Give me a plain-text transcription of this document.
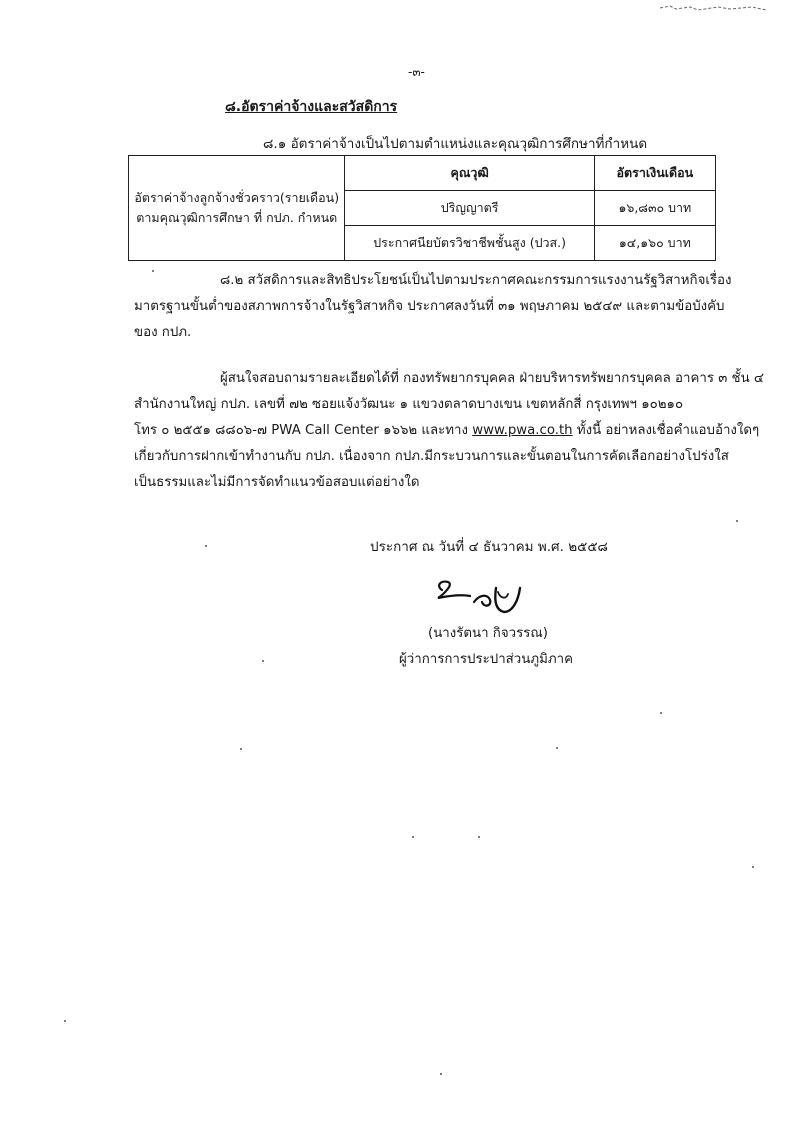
-๓-
๘.อัตราค่าจ้างและสวัสดิการ
๘.๑ อัตราค่าจ้างเป็นไปตามตำแหน่งและคุณวุฒิการศึกษาที่กำหนด
อัตราค่าจ้างลูกจ้างชั่วคราว(รายเดือน)
ตามคุณวุฒิการศึกษา ที่ กปภ. กำหนด	คุณวุฒิ	อัตราเงินเดือน
	ปริญญาตรี	๑๖,๘๓๐ บาท
	ประกาศนียบัตรวิชาชีพชั้นสูง (ปวส.)	๑๔,๑๖๐ บาท
๘.๒ สวัสดิการและสิทธิประโยชน์เป็นไปตามประกาศคณะกรรมการแรงงานรัฐวิสาหกิจเรื่อง
มาตรฐานขั้นต่ำของสภาพการจ้างในรัฐวิสาหกิจ ประกาศลงวันที่ ๓๑ พฤษภาคม ๒๕๔๙ และตามข้อบังคับ
ของ กปภ.
ผู้สนใจสอบถามรายละเอียดได้ที่ กองทรัพยากรบุคคล ฝ่ายบริหารทรัพยากรบุคคล อาคาร ๓ ชั้น ๔
สำนักงานใหญ่ กปภ. เลขที่ ๗๒ ซอยแจ้งวัฒนะ ๑ แขวงตลาดบางเขน เขตหลักสี่ กรุงเทพฯ ๑๐๒๑๐
โทร ๐ ๒๕๕๑ ๘๘๐๖-๗ PWA Call Center ๑๖๖๒ และทาง www.pwa.co.th ทั้งนี้ อย่าหลงเชื่อคำแอบอ้างใดๆ
เกี่ยวกับการฝากเข้าทำงานกับ กปภ. เนื่องจาก กปภ.มีกระบวนการและขั้นตอนในการคัดเลือกอย่างโปร่งใส
เป็นธรรมและไม่มีการจัดทำแนวข้อสอบแต่อย่างใด
ประกาศ ณ วันที่ ๔ ธันวาคม พ.ศ. ๒๕๕๘
(นางรัตนา กิจวรรณ)
ผู้ว่าการการประปาส่วนภูมิภาค
